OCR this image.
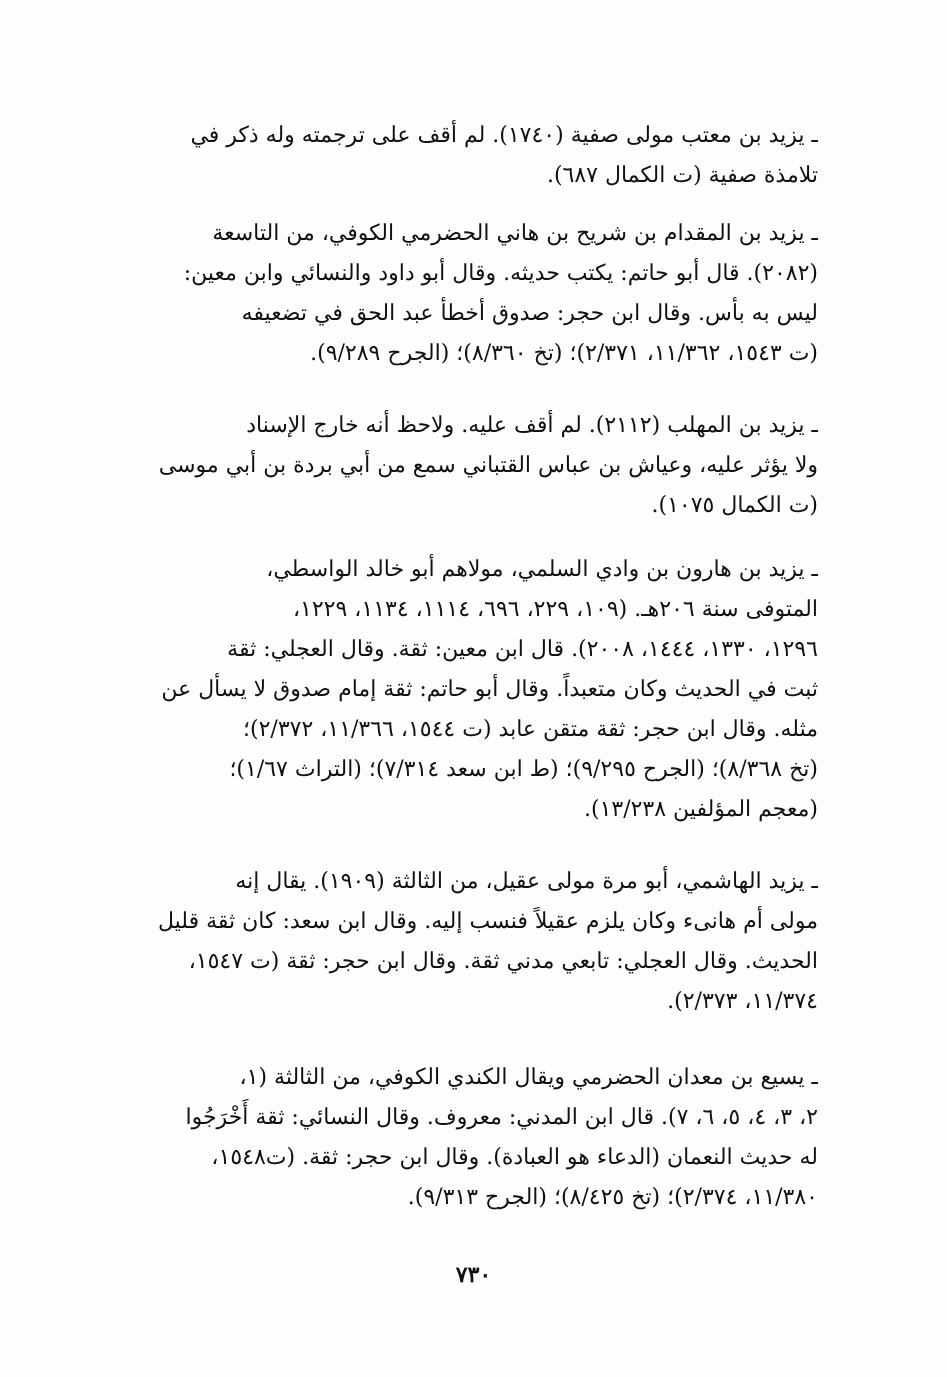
ـ يزيد بن معتب مولى صفية (١٧٤٠). لم أقف على ترجمته وله ذكر في
تلامذة صفية (ت الكمال ٦٨٧).
ـ يزيد بن المقدام بن شريح بن هاني الحضرمي الكوفي، من التاسعة
(٢٠٨٢). قال أبو حاتم: يكتب حديثه. وقال أبو داود والنسائي وابن معين:
ليس به بأس. وقال ابن حجر: صدوق أخطأ عبد الحق في تضعيفه
(ت ١٥٤٣، ١١/٣٦٢، ٢/٣٧١)؛ (تخ ٨/٣٦٠)؛ (الجرح ٩/٢٨٩).
ـ يزيد بن المهلب (٢١١٢). لم أقف عليه. ولاحظ أنه خارج الإسناد
ولا يؤثر عليه، وعياش بن عباس القتباني سمع من أبي بردة بن أبي موسى
(ت الكمال ١٠٧٥).
ـ يزيد بن هارون بن وادي السلمي، مولاهم أبو خالد الواسطي،
المتوفى سنة ٢٠٦هـ. (١٠٩، ٢٢٩، ٦٩٦، ١١١٤، ١١٣٤، ١٢٢٩،
١٢٩٦، ١٣٣٠، ١٤٤٤، ٢٠٠٨). قال ابن معين: ثقة. وقال العجلي: ثقة
ثبت في الحديث وكان متعبداً. وقال أبو حاتم: ثقة إمام صدوق لا يسأل عن
مثله. وقال ابن حجر: ثقة متقن عابد (ت ١٥٤٤، ١١/٣٦٦، ٢/٣٧٢)؛
(تخ ٨/٣٦٨)؛ (الجرح ٩/٢٩٥)؛ (ط ابن سعد ٧/٣١٤)؛ (التراث ١/٦٧)؛
(معجم المؤلفين ١٣/٢٣٨).
ـ يزيد الهاشمي، أبو مرة مولى عقيل، من الثالثة (١٩٠٩). يقال إنه
مولى أم هانىء وكان يلزم عقيلاً فنسب إليه. وقال ابن سعد: كان ثقة قليل
الحديث. وقال العجلي: تابعي مدني ثقة. وقال ابن حجر: ثقة (ت ١٥٤٧،
١١/٣٧٤، ٢/٣٧٣).
ـ يسيع بن معدان الحضرمي ويقال الكندي الكوفي، من الثالثة (١،
٢، ٣، ٤، ٥، ٦، ٧). قال ابن المدني: معروف. وقال النسائي: ثقة أَخْرَجُوا
له حديث النعمان (الدعاء هو العبادة). وقال ابن حجر: ثقة. (ت١٥٤٨،
١١/٣٨٠، ٢/٣٧٤)؛ (تخ ٨/٤٢٥)؛ (الجرح ٩/٣١٣).
٧٣٠
